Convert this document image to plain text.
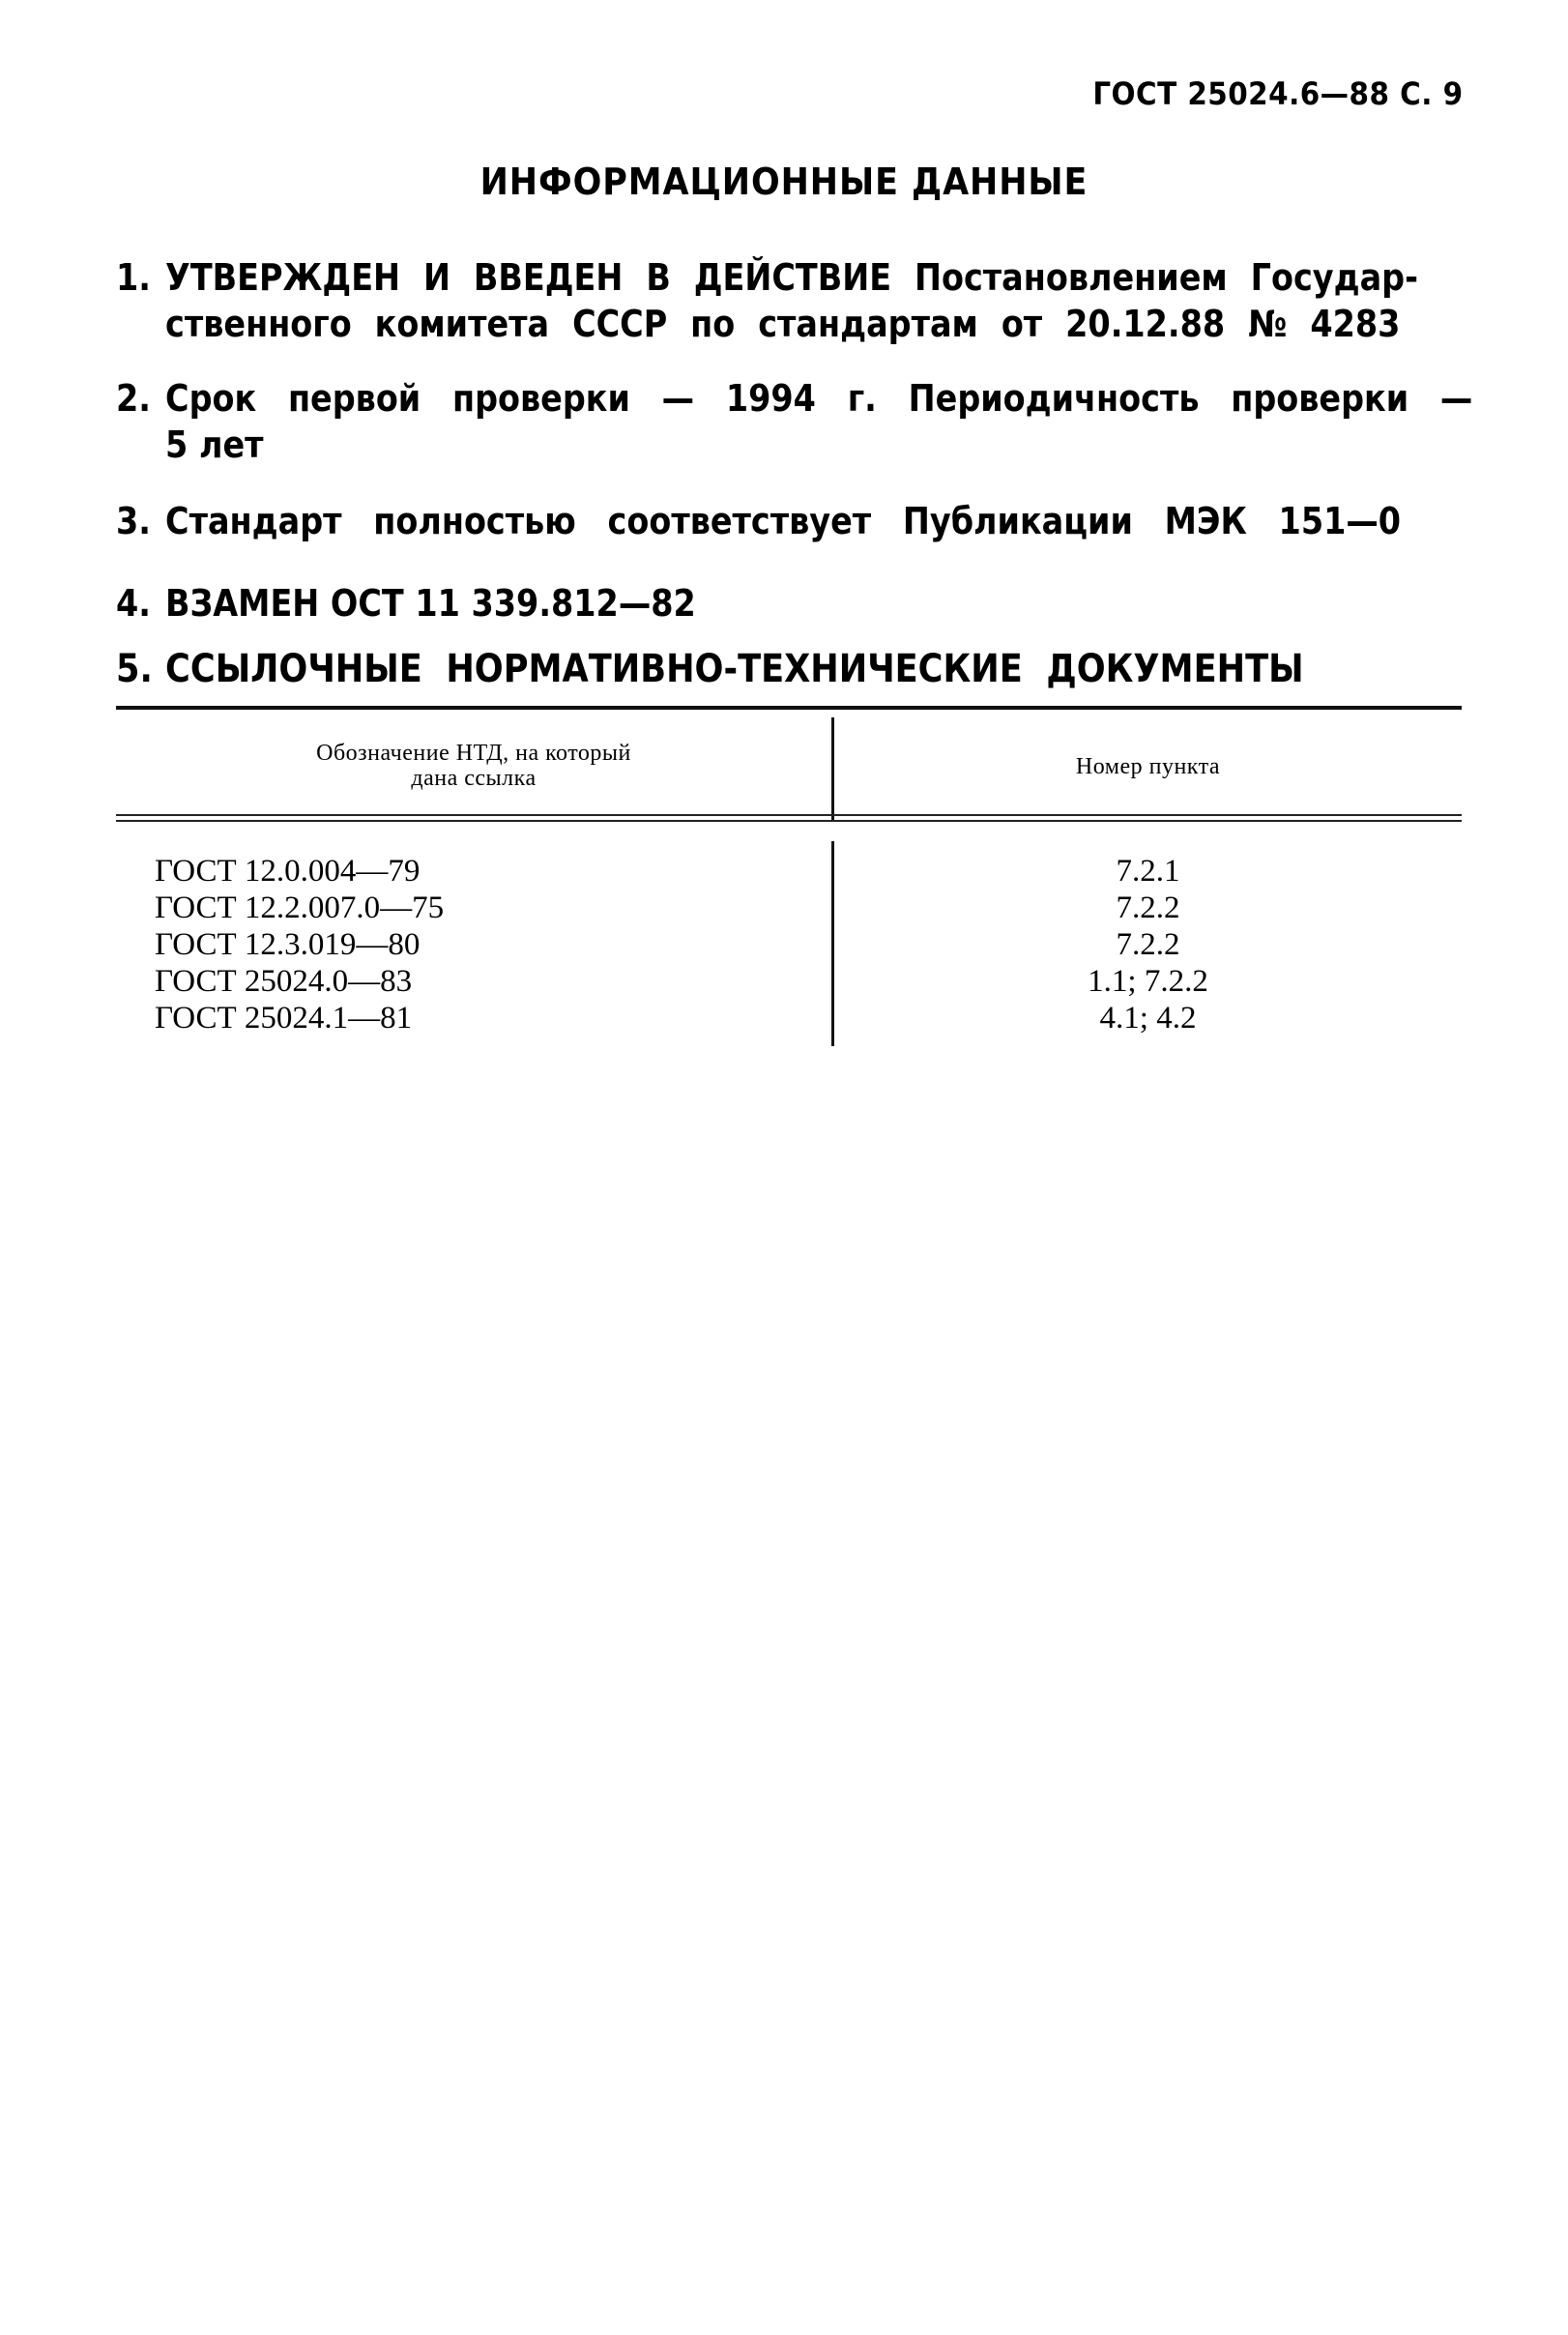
ГОСТ 25024.6—88 С. 9
ИНФОРМАЦИОННЫЕ ДАННЫЕ
1. УТВЕРЖДЕН И ВВЕДЕН В ДЕЙСТВИЕ Постановлением Государ-
ственного комитета СССР по стандартам от 20.12.88 № 4283
2. Срок первой проверки — 1994 г. Периодичность проверки —
5 лет
3. Стандарт полностью соответствует Публикации МЭК 151—0
4. ВЗАМЕН ОСТ 11 339.812—82
5. ССЫЛОЧНЫЕ НОРМАТИВНО-ТЕХНИЧЕСКИЕ ДОКУМЕНТЫ
Обозначение НТД, на который
дана ссылка	Номер пункта
ГОСТ 12.0.004—79
ГОСТ 12.2.007.0—75
ГОСТ 12.3.019—80
ГОСТ 25024.0—83
ГОСТ 25024.1—81
7.2.1
7.2.2
7.2.2
1.1; 7.2.2
4.1; 4.2
